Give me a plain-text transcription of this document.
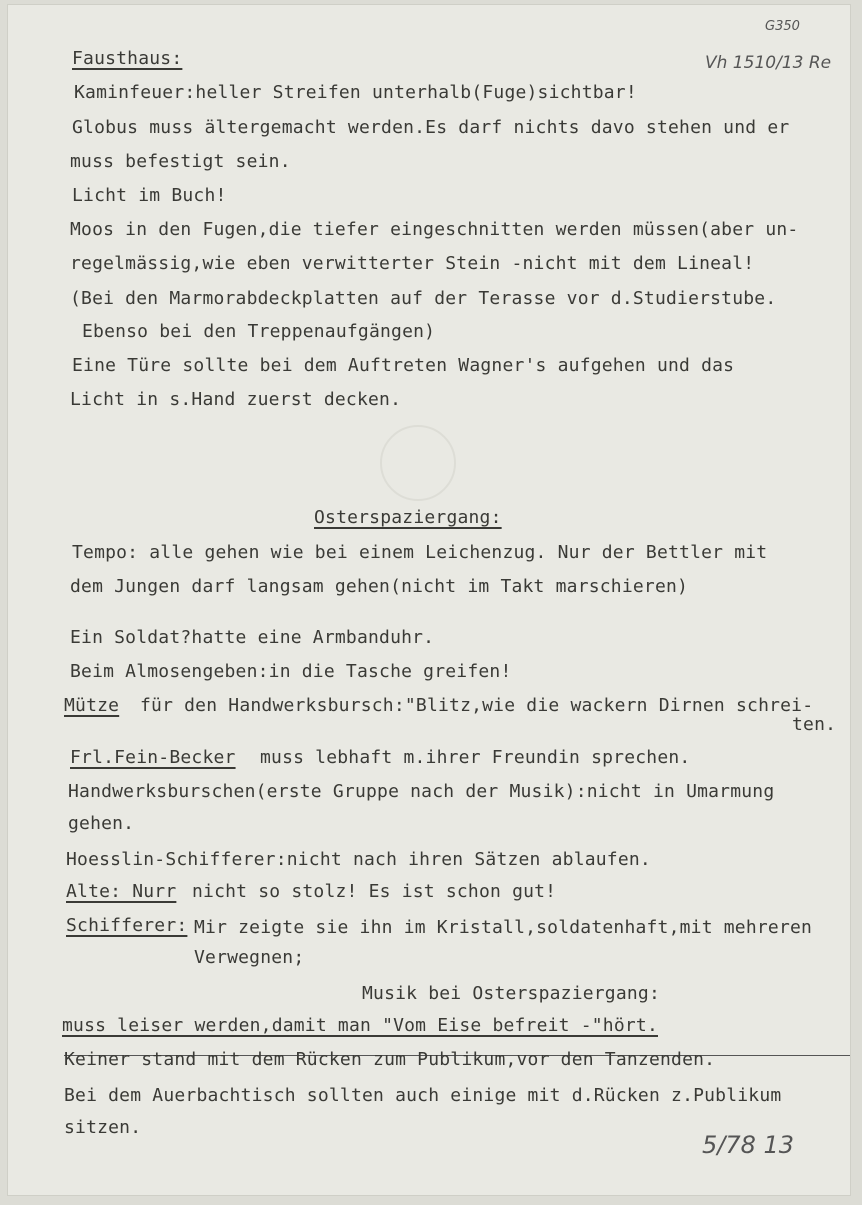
G350
Vh 1510/13 Re
Fausthaus:
Kaminfeuer:heller Streifen unterhalb(Fuge)sichtbar!
Globus muss ältergemacht werden.Es darf nichts davo stehen und er
muss befestigt sein.
Licht im Buch!
Moos in den Fugen,die tiefer eingeschnitten werden müssen(aber un-
regelmässig,wie eben verwitterter Stein -nicht mit dem Lineal!
(Bei den Marmorabdeckplatten auf der Terasse vor d.Studierstube.
Ebenso bei den Treppenaufgängen)
Eine Türe sollte bei dem Auftreten Wagner's aufgehen und das
Licht in s.Hand zuerst decken.
Osterspaziergang:
Tempo: alle gehen wie bei einem Leichenzug. Nur der Bettler mit
dem Jungen darf langsam gehen(nicht im Takt marschieren)
Ein Soldat?hatte eine Armbanduhr.
Beim Almosengeben:in die Tasche greifen!
Mütze für den Handwerksbursch:"Blitz,wie die wackern Dirnen schrei-
ten.
Frl.Fein-Becker muss lebhaft m.ihrer Freundin sprechen.
Handwerksburschen(erste Gruppe nach der Musik):nicht in Umarmung
gehen.
Hoesslin-Schifferer:nicht nach ihren Sätzen ablaufen.
Alte: Nurr nicht so stolz! Es ist schon gut!
Schifferer: Mir zeigte sie ihn im Kristall,soldatenhaft,mit mehreren
Verwegnen;
Musik bei Osterspaziergang:
muss leiser werden,damit man "Vom Eise befreit -"hört.
Keiner stand mit dem Rücken zum Publikum,vor den Tanzenden.
Bei dem Auerbachtisch sollten auch einige mit d.Rücken z.Publikum
sitzen.
5/78 13
